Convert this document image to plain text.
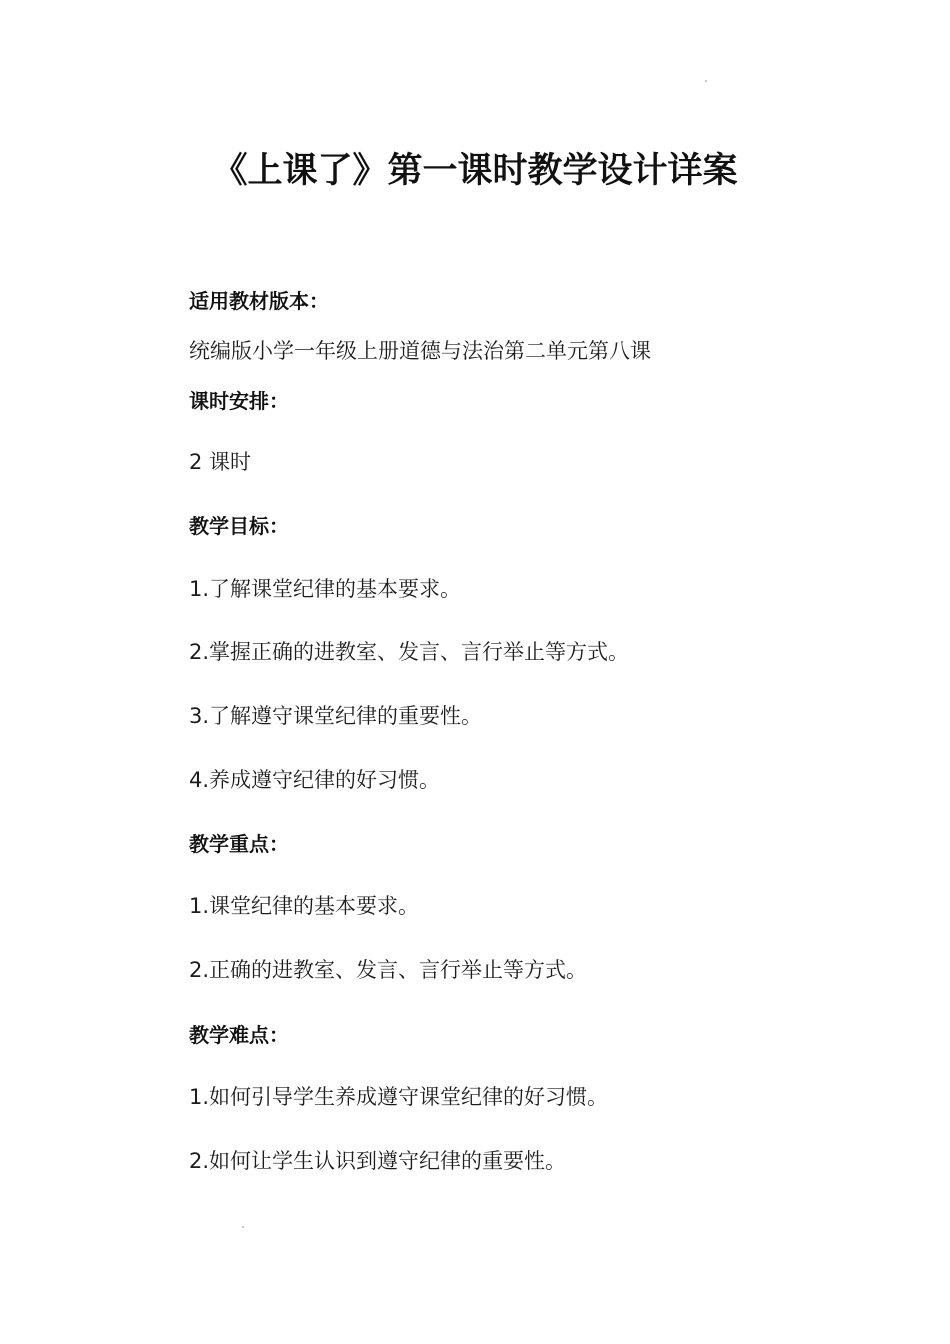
《上课了》第一课时教学设计详案
适用教材版本：
统编版小学一年级上册道德与法治第二单元第八课
课时安排：
2 课时
教学目标：
1.了解课堂纪律的基本要求。
2.掌握正确的进教室、发言、言行举止等方式。
3.了解遵守课堂纪律的重要性。
4.养成遵守纪律的好习惯。
教学重点：
1.课堂纪律的基本要求。
2.正确的进教室、发言、言行举止等方式。
教学难点：
1.如何引导学生养成遵守课堂纪律的好习惯。
2.如何让学生认识到遵守纪律的重要性。
